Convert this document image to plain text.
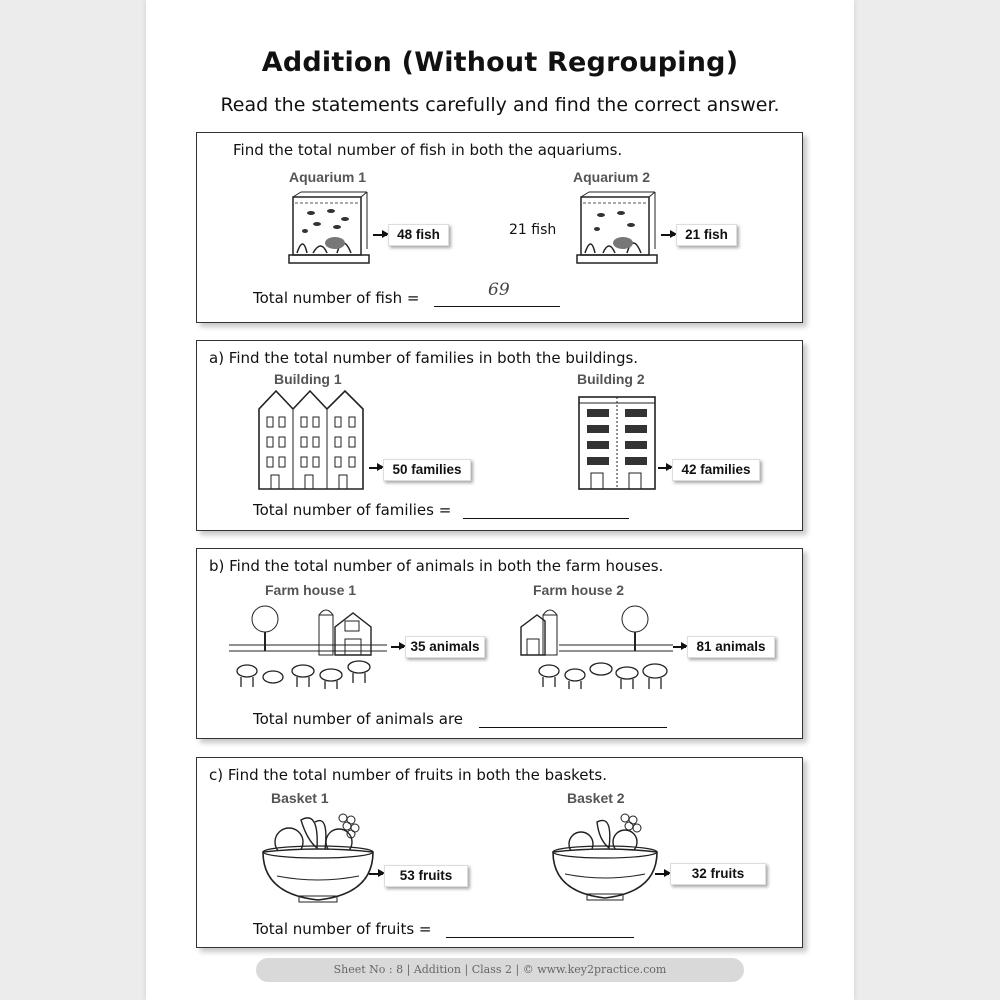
Addition (Without Regrouping)
Read the statements carefully and find the correct answer.
Find the total number of fish in both the aquariums.
Aquarium 1	Aquarium 2
48 fish	21 fish	21 fish
Total number of fish =	69
a) Find the total number of families in both the buildings.
Building 1	Building 2
50 families	42 families
Total number of families =
b) Find the total number of animals in both the farm houses.
Farm house 1	Farm house 2
35 animals	81 animals
Total number of animals are
c) Find the total number of fruits in both the baskets.
Basket 1	Basket 2
53 fruits	32 fruits
Total number of fruits =
Sheet No : 8 | Addition | Class 2 | © www.key2practice.com
